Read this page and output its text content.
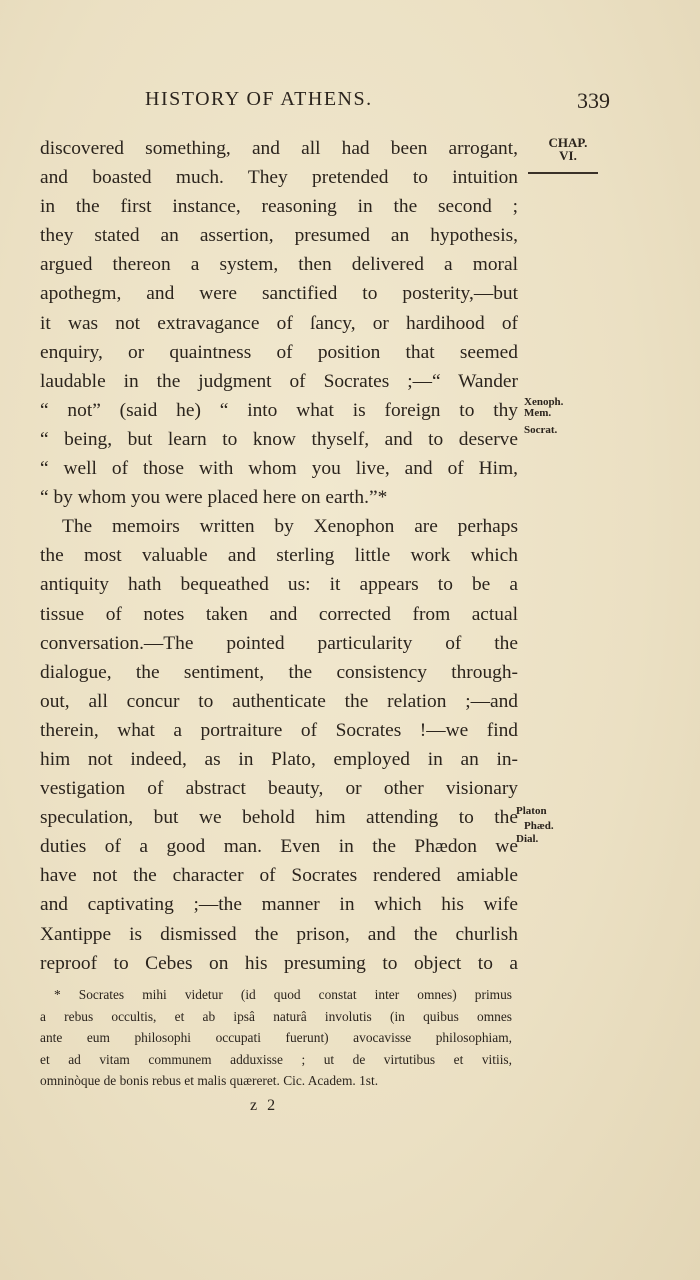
HISTORY OF ATHENS.	339
CHAP.
VI.
Xenoph.
Mem.
Socrat.
Platon
Phæd.
Dial.
discovered something, and all had been arrogant,
and boasted much. They pretended to intuition
in the first instance, reasoning in the second ;
they stated an assertion, presumed an hypothesis,
argued thereon a system, then delivered a moral
apothegm, and were sanctified to posterity,—but
it was not extravagance of ſancy, or hardihood of
enquiry, or quaintness of position that seemed
laudable in the judgment of Socrates ;—“ Wander
“ not” (said he) “ into what is foreign to thy
“ being, but learn to know thyself, and to deserve
“ well of those with whom you live, and of Him,
“ by whom you were placed here on earth.”*
The memoirs written by Xenophon are perhaps
the most valuable and sterling little work which
antiquity hath bequeathed us: it appears to be a
tissue of notes taken and corrected from actual
conversation.—The pointed particularity of the
dialogue, the sentiment, the consistency through-
out, all concur to authenticate the relation ;—and
therein, what a portraiture of Socrates !—we find
him not indeed, as in Plato, employed in an in-
vestigation of abstract beauty, or other visionary
speculation, but we behold him attending to the
duties of a good man. Even in the Phædon we
have not the character of Socrates rendered amiable
and captivating ;—the manner in which his wife
Xantippe is dismissed the prison, and the churlish
reproof to Cebes on his presuming to object to a
* Socrates mihi videtur (id quod constat inter omnes) primus
a rebus occultis, et ab ipsâ naturâ involutis (in quibus omnes
ante eum philosophi occupati fuerunt) avocavisse philosophiam,
et ad vitam communem adduxisse ; ut de virtutibus et vitiis,
omninòque de bonis rebus et malis quæreret. Cic. Academ. 1st.
z 2
